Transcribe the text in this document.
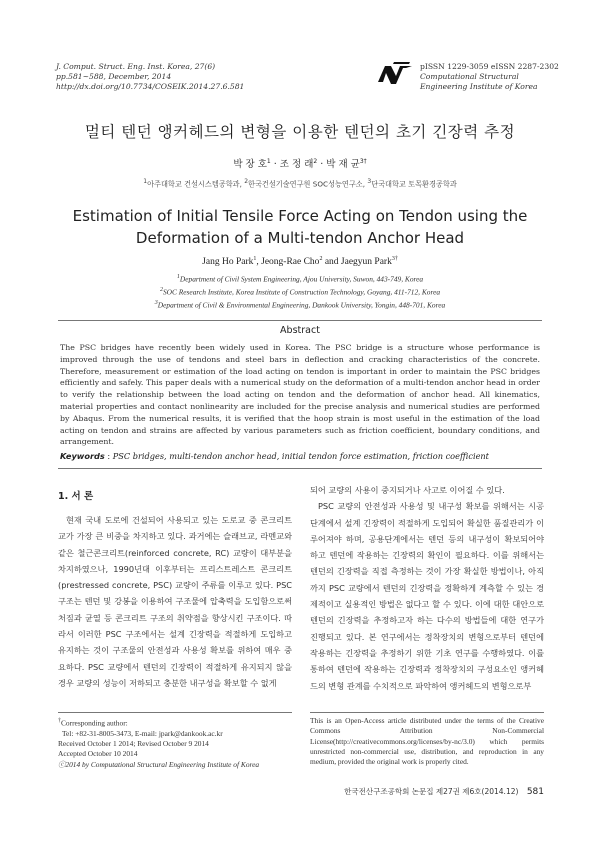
J. Comput. Struct. Eng. Inst. Korea, 27(6)
pp.581~588, December, 2014
http://dx.doi.org/10.7734/COSEIK.2014.27.6.581
pISSN 1229-3059 eISSN 2287-2302
Computational Structural
Engineering Institute of Korea
멀티 텐던 앵커헤드의 변형을 이용한 텐던의 초기 긴장력 추정
박 장 호$^1$ · 조 정 래$^2$ · 박 재 균$^{3\dagger}$
$^1$아주대학교 건설시스템공학과, $^2$한국건설기술연구원 SOC성능연구소, $^3$단국대학교 토목환경공학과
Estimation of Initial Tensile Force Acting on Tendon using the
Deformation of a Multi-tendon Anchor Head
Jang Ho Park$^1$, Jeong-Rae Cho$^2$ and Jaegyun Park$^{3\dagger}$
$^1$Department of Civil System Engineering, Ajou University, Suwon, 443-749, Korea
$^2$SOC Research Institute, Korea Institute of Construction Technology, Goyang, 411-712, Korea
$^3$Department of Civil & Environmental Engineering, Dankook University, Yongin, 448-701, Korea
Abstract
The PSC bridges have recently been widely used in Korea. The PSC bridge is a structure whose performance is improved through the use of tendons and steel bars in deflection and cracking characteristics of the concrete. Therefore, measurement or estimation of the load acting on tendon is important in order to maintain the PSC bridges efficiently and safely. This paper deals with a numerical study on the deformation of a multi-tendon anchor head in order to verify the relationship between the load acting on tendon and the deformation of anchor head. All kinematics, material properties and contact nonlinearity are included for the precise analysis and numerical studies are performed by Abaqus. From the numerical results, it is verified that the hoop strain is most useful in the estimation of the load acting on tendon and strains are affected by various parameters such as friction coefficient, boundary conditions, and arrangement.
Keywords : PSC bridges, multi-tendon anchor head, initial tendon force estimation, friction coefficient
1. 서 론

현재 국내 도로에 건설되어 사용되고 있는 도로교 중 콘크리트교가 가장 큰 비중을 차지하고 있다. 과거에는 슬래브교, 라멘교와 같은 철근콘크리트(reinforced concrete, RC) 교량이 대부분을 차지하였으나, 1990년대 이후부터는 프리스트레스트 콘크리트(prestressed concrete, PSC) 교량이 주류를 이루고 있다. PSC 구조는 텐던 및 강봉을 이용하여 구조물에 압축력을 도입함으로써 처짐과 균열 등 콘크리트 구조의 취약점을 향상시킨 구조이다. 따라서 이러한 PSC 구조에서는 설계 긴장력을 적절하게 도입하고 유지하는 것이 구조물의 안전성과 사용성 확보를 위하여 매우 중요하다. PSC 교량에서 텐던의 긴장력이 적절하게 유지되지 않을 경우 교량의 성능이 저하되고 충분한 내구성을 확보할 수 없게

되어 교량의 사용이 중지되거나 사고로 이어질 수 있다.

PSC 교량의 안전성과 사용성 및 내구성 확보를 위해서는 시공단계에서 설계 긴장력이 적절하게 도입되어 확실한 품질관리가 이루어져야 하며, 공용단계에서는 텐던 등의 내구성이 확보되어야 하고 텐던에 작용하는 긴장력의 확인이 필요하다. 이를 위해서는 텐던의 긴장력을 직접 측정하는 것이 가장 확실한 방법이나, 아직까지 PSC 교량에서 텐던의 긴장력을 정확하게 계측할 수 있는 경제적이고 실용적인 방법은 없다고 할 수 있다. 이에 대한 대안으로 텐던의 긴장력을 추정하고자 하는 다수의 방법들에 대한 연구가 진행되고 있다. 본 연구에서는 정착장치의 변형으로부터 텐던에 작용하는 긴장력을 추정하기 위한 기초 연구를 수행하였다. 이를 통하여 텐던에 작용하는 긴장력과 정착장치의 구성요소인 앵커헤드의 변형 관계를 수치적으로 파악하여 앵커헤드의 변형으로부

†Corresponding author:
Tel: +82-31-8005-3473, E-mail: jpark@dankook.ac.kr
Received October 1 2014; Revised October 9 2014
Accepted October 10 2014
ⓒ2014 by Computational Structural Engineering Institute of Korea
This is an Open-Access article distributed under the terms of the Creative Commons Attribution Non-Commercial License(http://creativecommons.org/licenses/by-nc/3.0) which permits unrestricted non-commercial use, distribution, and reproduction in any medium, provided the original work is properly cited.
한국전산구조공학회 논문집 제27권 제6호(2014.12) 581
